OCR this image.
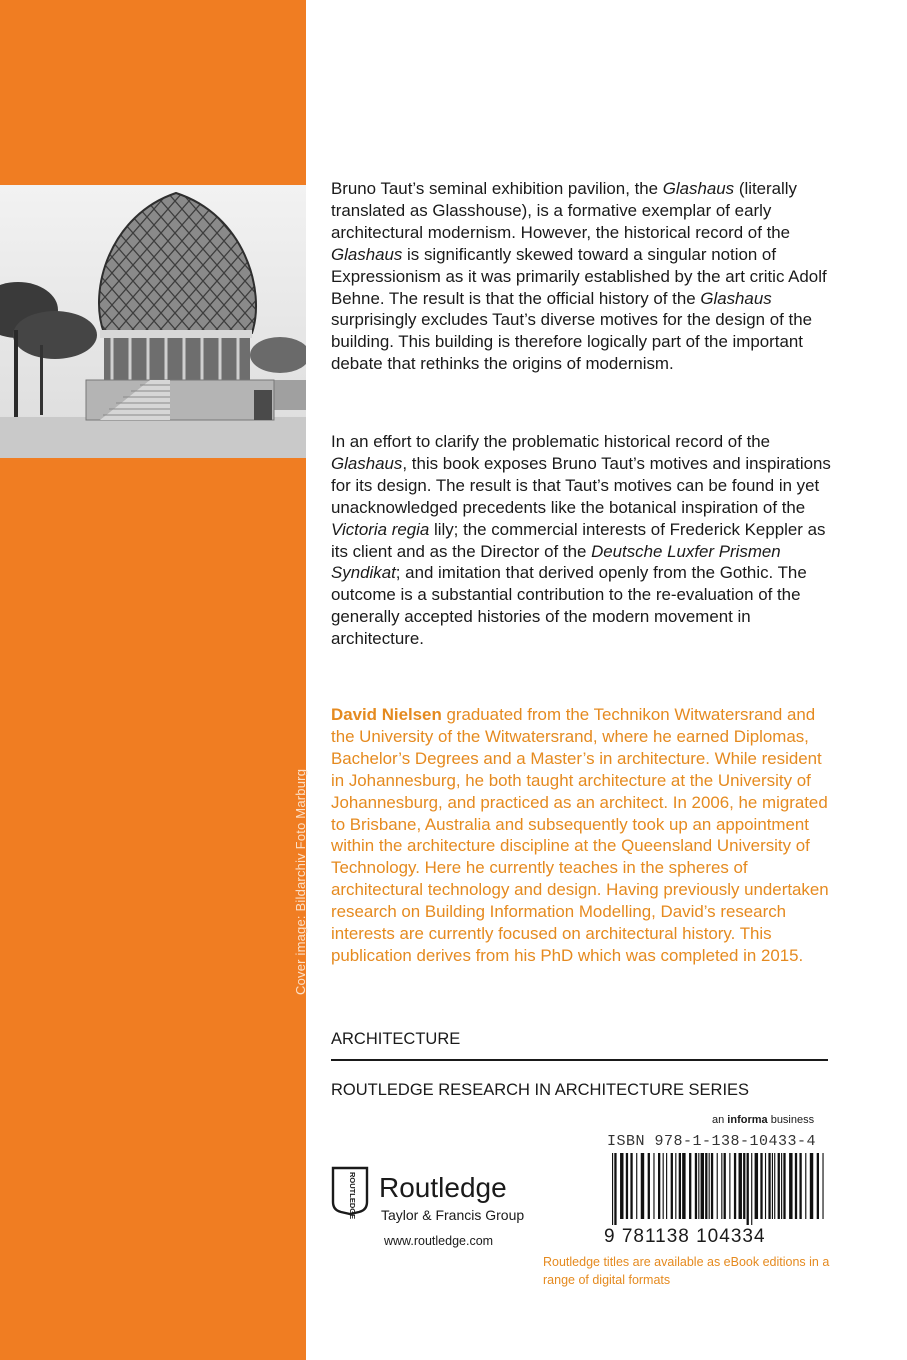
Cover image: Bildarchiv Foto Marburg

Bruno Taut’s seminal exhibition pavilion, the Glashaus (literally translated as Glasshouse), is a formative exemplar of early architectural modernism. However, the historical record of the Glashaus is significantly skewed toward a singular notion of Expressionism as it was primarily established by the art critic Adolf Behne. The result is that the official history of the Glashaus surprisingly excludes Taut’s diverse motives for the design of the building. This building is therefore logically part of the important debate that rethinks the origins of modernism.

In an effort to clarify the problematic historical record of the Glashaus, this book exposes Bruno Taut’s motives and inspirations for its design. The result is that Taut’s motives can be found in yet unacknowledged precedents like the botanical inspiration of the Victoria regia lily; the commercial interests of Frederick Keppler as its client and as the Director of the Deutsche Luxfer Prismen Syndikat; and imitation that derived openly from the Gothic. The outcome is a substantial contribution to the re-evaluation of the generally accepted histories of the modern movement in architecture.

David Nielsen graduated from the Technikon Witwatersrand and the University of the Witwatersrand, where he earned Diplomas, Bachelor’s Degrees and a Master’s in architecture. While resident in Johannesburg, he both taught architecture at the University of Johannesburg, and practiced as an architect. In 2006, he migrated to Brisbane, Australia and subsequently took up an appointment within the architecture discipline at the Queensland University of Technology. Here he currently teaches in the spheres of architectural technology and design. Having previously undertaken research on Building Information Modelling, David’s research interests are currently focused on architectural history. This publication derives from his PhD which was completed in 2015.

ARCHITECTURE
ROUTLEDGE RESEARCH IN ARCHITECTURE SERIES
an informa business
ISBN 978-1-138-10433-4
9 781138 104334

Routledge titles are available as eBook editions in a range of digital formats

ROUTLEDGE Routledge
Taylor & Francis Group
www.routledge.com
